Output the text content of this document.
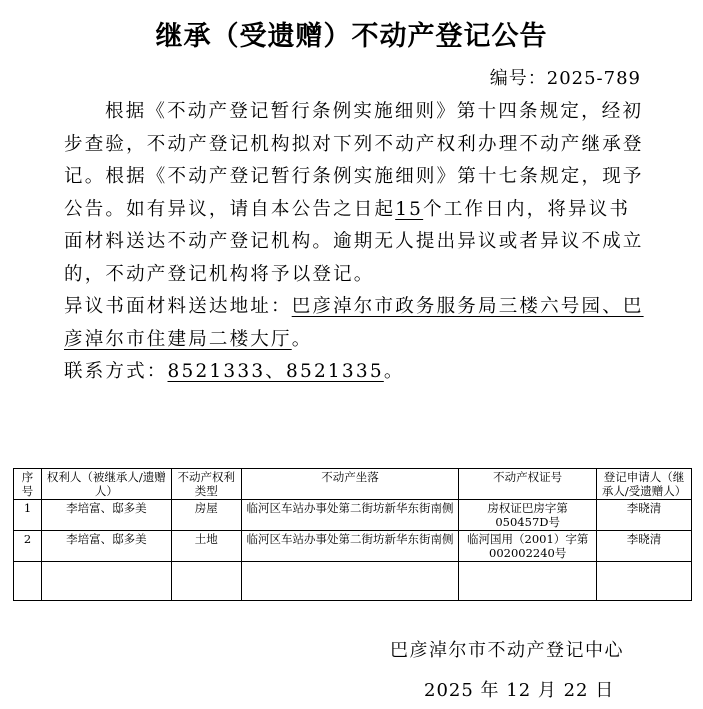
继承（受遗赠）不动产登记公告
编号：2025-789

根据《不动产登记暂行条例实施细则》第十四条规定，经初步查验，不动产登记机构拟对下列不动产权利办理不动产继承登记。根据《不动产登记暂行条例实施细则》第十七条规定，现予公告。如有异议，请自本公告之日起15个工作日内，将异议书面材料送达不动产登记机构。逾期无人提出异议或者异议不成立的，不动产登记机构将予以登记。

异议书面材料送达地址：巴彦淖尔市政务服务局三楼六号园、巴彦淖尔市住建局二楼大厅。

联系方式：8521333、8521335。

序号	权利人（被继承人/遗赠人）	不动产权利类型	不动产坐落	不动产权证号	登记申请人（继承人/受遗赠人）
1	李培富、邸多美	房屋	临河区车站办事处第二街坊新华东街南侧	房权证巴房字第050457D号	李晓清
2	李培富、邸多美	土地	临河区车站办事处第二街坊新华东街南侧	临河国用（2001）字第002002240号	李晓清

巴彦淖尔市不动产登记中心
2025 年 12 月 22 日
